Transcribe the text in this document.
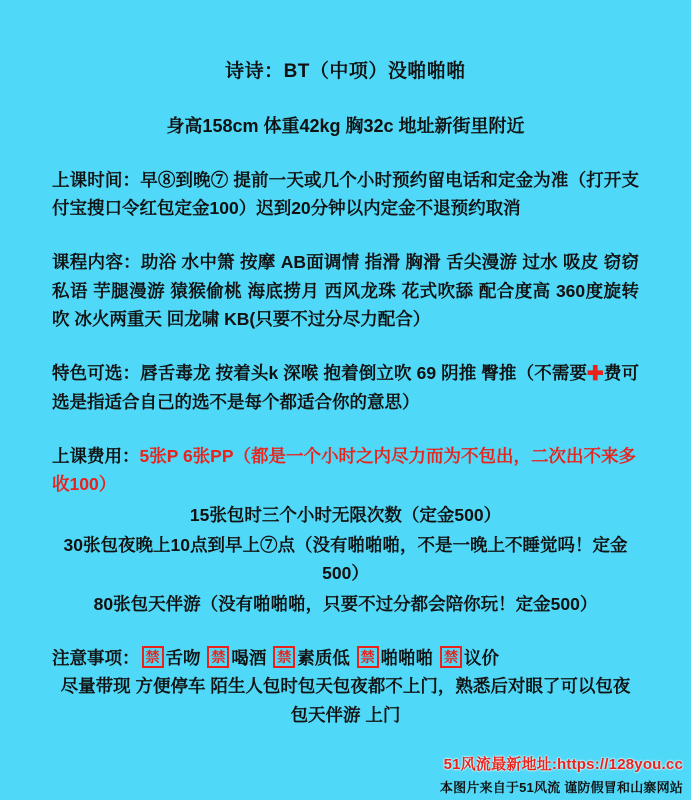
诗诗：BT（中项）没啪啪啪
身高158cm 体重42kg 胸32c 地址新街里附近
上课时间：早⑧到晚⑦ 提前一天或几个小时预约留电话和定金为准（打开支付宝搜口令红包定金100）迟到20分钟以内定金不退预约取消
课程内容：助浴 水中箫 按摩 AB面调情 指滑 胸滑 舌尖漫游 过水 吸皮 窃窃私语 芋腿漫游 猿猴偷桃 海底捞月 西风龙珠 花式吹舔 配合度高 360度旋转吹 冰火两重天 回龙啸 KB(只要不过分尽力配合）
特色可选：唇舌毒龙 按着头k 深喉 抱着倒立吹 69 阴推 臀推（不需要✚费可选是指适合自己的选不是每个都适合你的意思）
上课费用：5张P 6张PP（都是一个小时之内尽力而为不包出，二次出不来多收100）
15张包时三个小时无限次数（定金500）
30张包夜晚上10点到早上⑦点（没有啪啪啪，不是一晚上不睡觉吗！定金500）
80张包天伴游（没有啪啪啪，只要不过分都会陪你玩！定金500）
注意事项： 禁 舌吻 禁 喝酒 禁 素质低 禁 啪啪啪 禁 议价
尽量带现 方便停车 陌生人包时包天包夜都不上门，熟悉后对眼了可以包夜包天伴游 上门
51风流最新地址:https://128you.cc
本图片来自于51风流 谨防假冒和山寨网站
